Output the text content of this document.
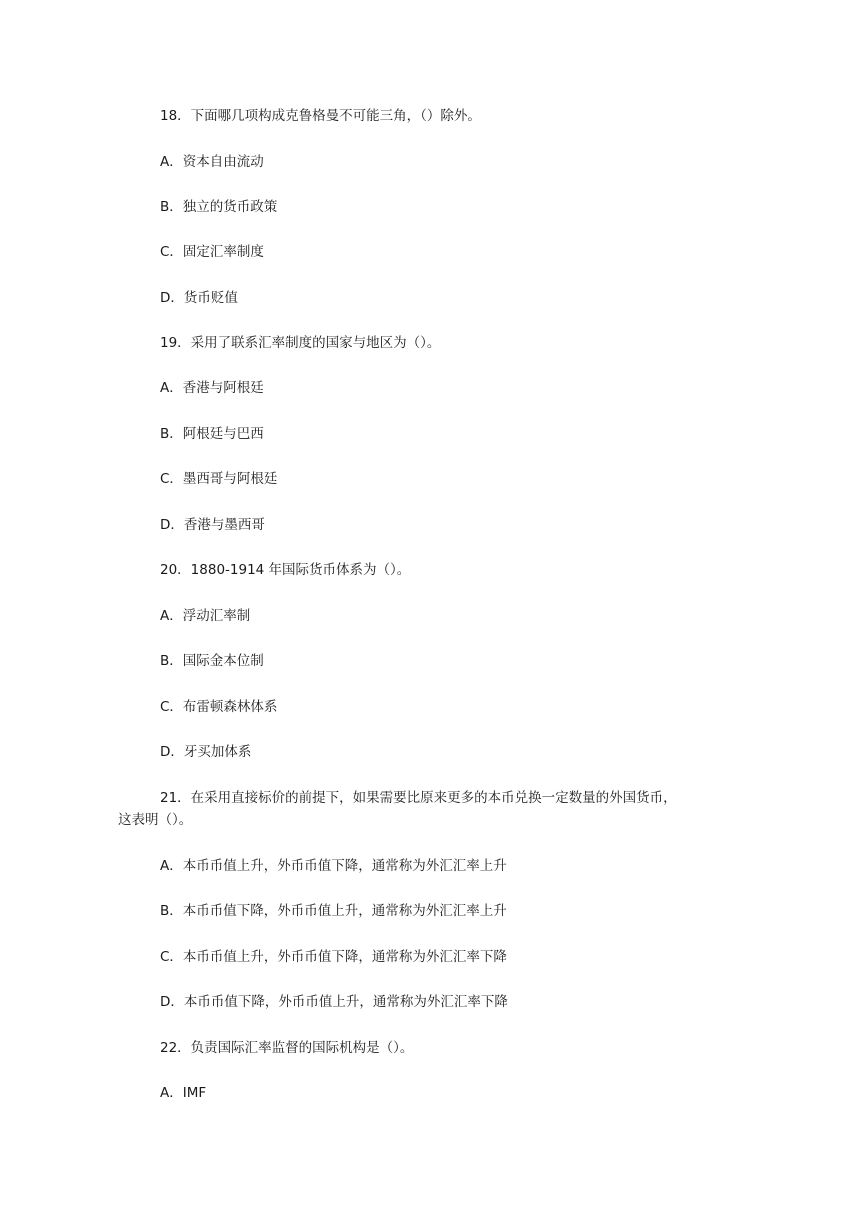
18．下面哪几项构成克鲁格曼不可能三角，（）除外。
A．资本自由流动
B．独立的货币政策
C．固定汇率制度
D．货币贬值
19．采用了联系汇率制度的国家与地区为（）。
A．香港与阿根廷
B．阿根廷与巴西
C．墨西哥与阿根廷
D．香港与墨西哥
20．1880-1914 年国际货币体系为（）。
A．浮动汇率制
B．国际金本位制
C．布雷顿森林体系
D．牙买加体系
21．在采用直接标价的前提下，如果需要比原来更多的本币兑换一定数量的外国货币，
这表明（）。
A．本币币值上升，外币币值下降，通常称为外汇汇率上升
B．本币币值下降，外币币值上升，通常称为外汇汇率上升
C．本币币值上升，外币币值下降，通常称为外汇汇率下降
D．本币币值下降，外币币值上升，通常称为外汇汇率下降
22．负责国际汇率监督的国际机构是（）。
A．IMF
